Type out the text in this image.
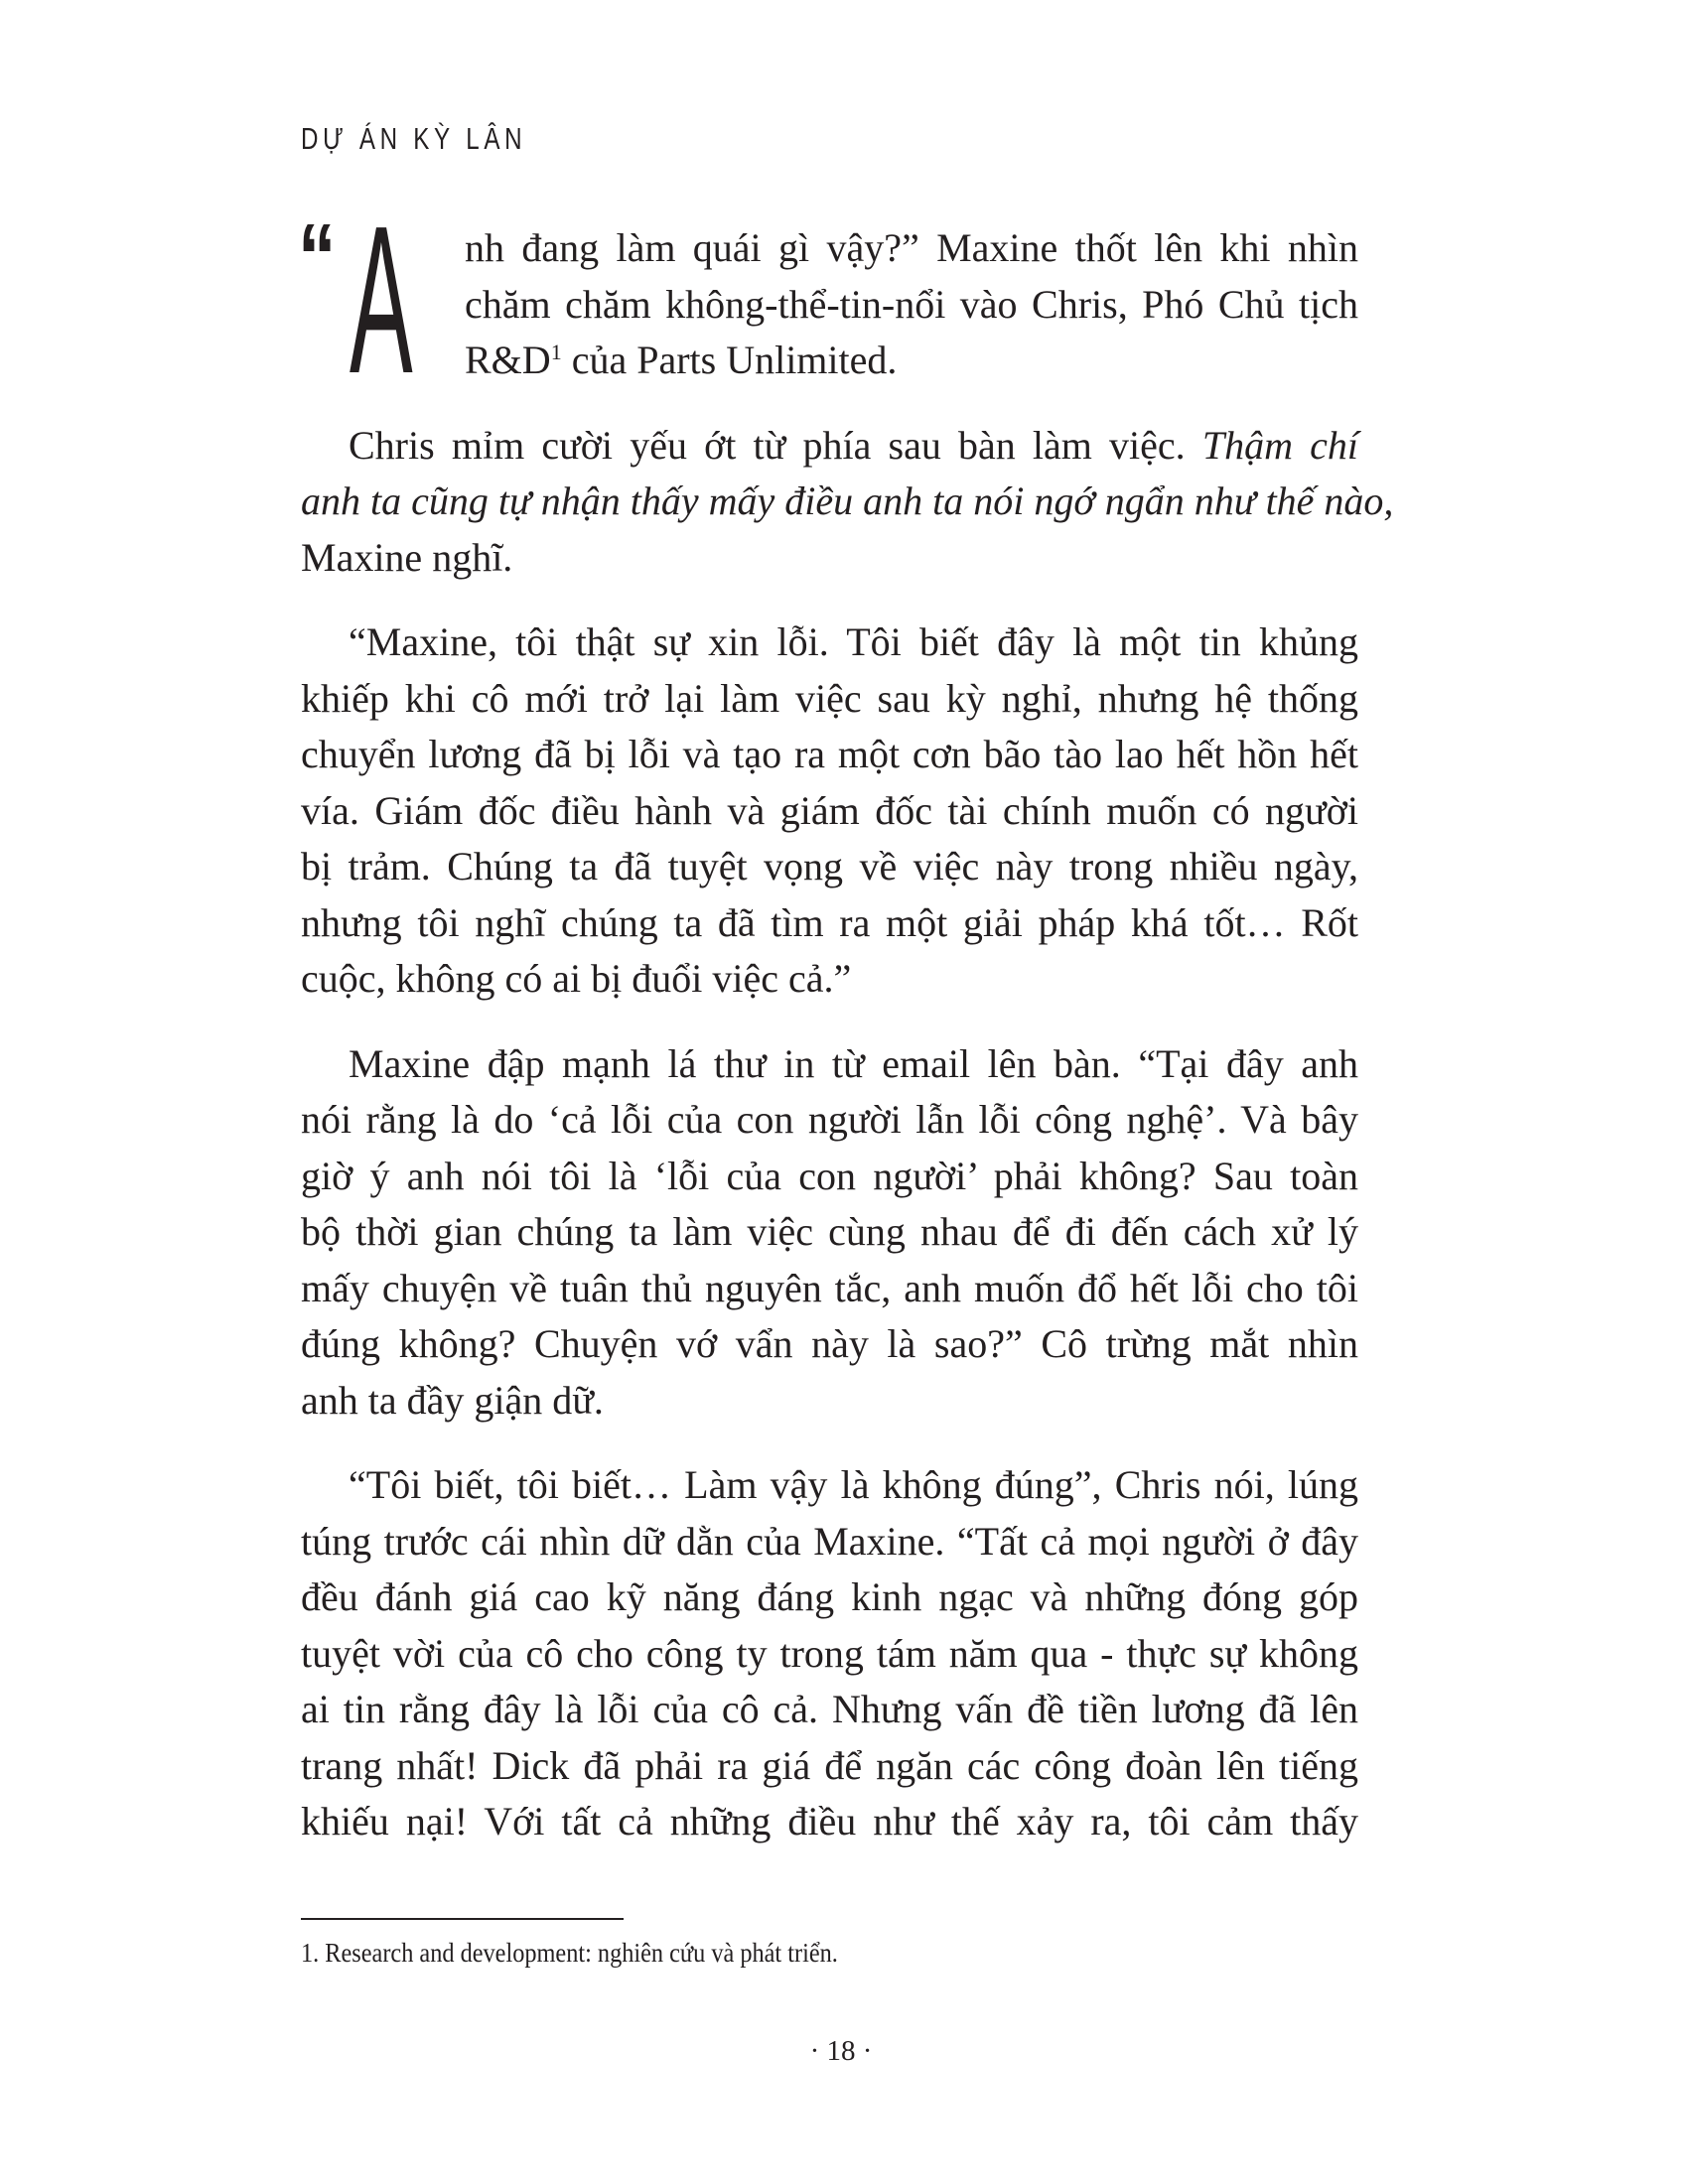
DỰ ÁN KỲ LÂN
“ A	nh đang làm quái gì vậy?” Maxine thốt lên khi nhìn
chăm chăm không-thể-tin-nổi vào Chris, Phó Chủ tịch
$R\&D^1$ của Parts Unlimited.
Chris mỉm cười yếu ớt từ phía sau bàn làm việc. Thậm chí
anh ta cũng tự nhận thấy mấy điều anh ta nói ngớ ngẩn như thế nào,
Maxine nghĩ.
“Maxine, tôi thật sự xin lỗi. Tôi biết đây là một tin khủng
khiếp khi cô mới trở lại làm việc sau kỳ nghỉ, nhưng hệ thống
chuyển lương đã bị lỗi và tạo ra một cơn bão tào lao hết hồn hết
vía. Giám đốc điều hành và giám đốc tài chính muốn có người
bị trảm. Chúng ta đã tuyệt vọng về việc này trong nhiều ngày,
nhưng tôi nghĩ chúng ta đã tìm ra một giải pháp khá tốt… Rốt
cuộc, không có ai bị đuổi việc cả.”
Maxine đập mạnh lá thư in từ email lên bàn. “Tại đây anh
nói rằng là do ‘cả lỗi của con người lẫn lỗi công nghệ’. Và bây
giờ ý anh nói tôi là ‘lỗi của con người’ phải không? Sau toàn
bộ thời gian chúng ta làm việc cùng nhau để đi đến cách xử lý
mấy chuyện về tuân thủ nguyên tắc, anh muốn đổ hết lỗi cho tôi
đúng không? Chuyện vớ vẩn này là sao?” Cô trừng mắt nhìn
anh ta đầy giận dữ.
“Tôi biết, tôi biết… Làm vậy là không đúng”, Chris nói, lúng
túng trước cái nhìn dữ dằn của Maxine. “Tất cả mọi người ở đây
đều đánh giá cao kỹ năng đáng kinh ngạc và những đóng góp
tuyệt vời của cô cho công ty trong tám năm qua - thực sự không
ai tin rằng đây là lỗi của cô cả. Nhưng vấn đề tiền lương đã lên
trang nhất! Dick đã phải ra giá để ngăn các công đoàn lên tiếng
khiếu nại! Với tất cả những điều như thế xảy ra, tôi cảm thấy
1. Research and development: nghiên cứu và phát triển.
· 18 ·
